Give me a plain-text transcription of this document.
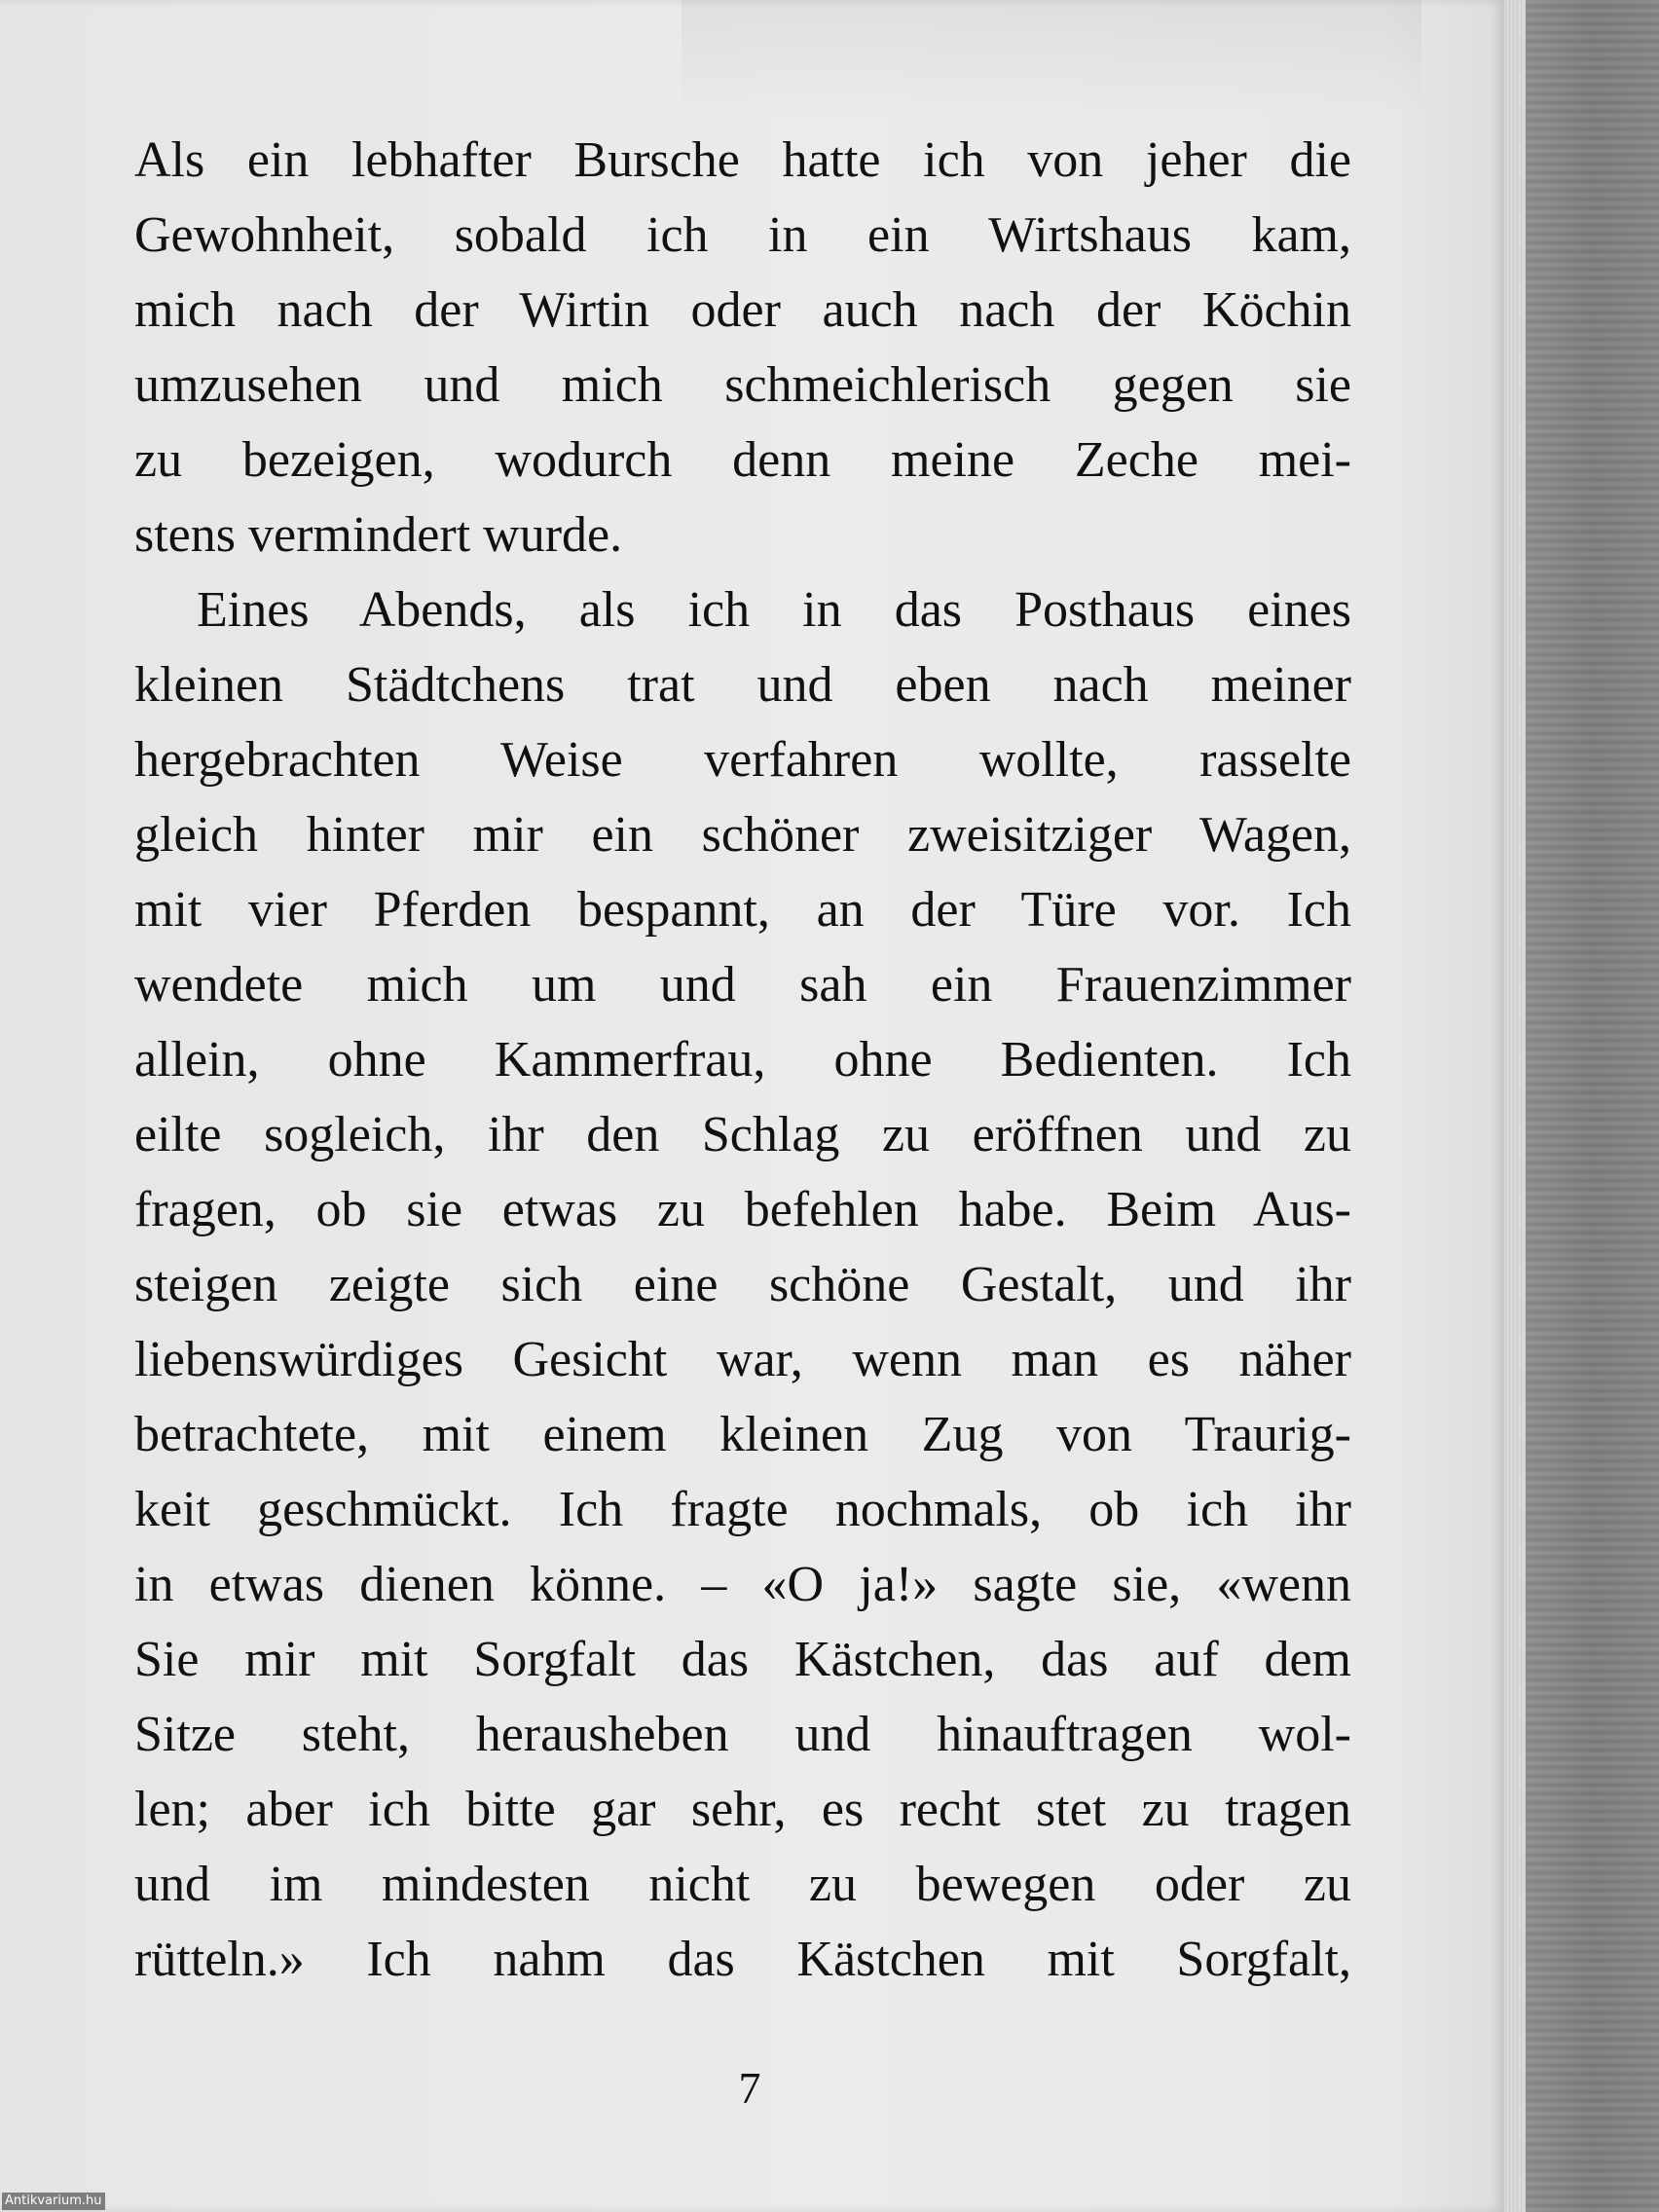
Als ein lebhafter Bursche hatte ich von jeher die
Gewohnheit, sobald ich in ein Wirtshaus kam,
mich nach der Wirtin oder auch nach der Köchin
umzusehen und mich schmeichlerisch gegen sie
zu bezeigen, wodurch denn meine Zeche mei-
stens vermindert wurde.
Eines Abends, als ich in das Posthaus eines
kleinen Städtchens trat und eben nach meiner
hergebrachten Weise verfahren wollte, rasselte
gleich hinter mir ein schöner zweisitziger Wagen,
mit vier Pferden bespannt, an der Türe vor. Ich
wendete mich um und sah ein Frauenzimmer
allein, ohne Kammerfrau, ohne Bedienten. Ich
eilte sogleich, ihr den Schlag zu eröffnen und zu
fragen, ob sie etwas zu befehlen habe. Beim Aus-
steigen zeigte sich eine schöne Gestalt, und ihr
liebenswürdiges Gesicht war, wenn man es näher
betrachtete, mit einem kleinen Zug von Traurig-
keit geschmückt. Ich fragte nochmals, ob ich ihr
in etwas dienen könne. – «O ja!» sagte sie, «wenn
Sie mir mit Sorgfalt das Kästchen, das auf dem
Sitze steht, herausheben und hinauftragen wol-
len; aber ich bitte gar sehr, es recht stet zu tragen
und im mindesten nicht zu bewegen oder zu
rütteln.» Ich nahm das Kästchen mit Sorgfalt,
7
Antikvarium.hu
